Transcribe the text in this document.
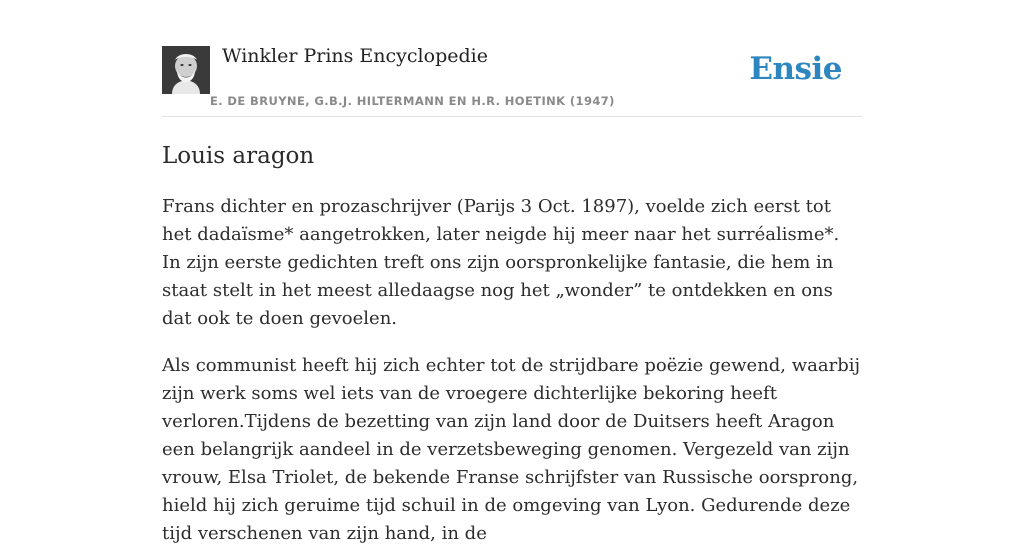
Winkler Prins Encyclopedie
E. DE BRUYNE, G.B.J. HILTERMANN EN H.R. HOETINK (1947)
Ensie
Louis aragon

Frans dichter en prozaschrijver (Parijs 3 Oct. 1897), voelde zich eerst tot het dadaïsme* aangetrokken, later neigde hij meer naar het surréalisme*. In zijn eerste gedichten treft ons zijn oorspronkelijke fantasie, die hem in staat stelt in het meest alledaagse nog het „wonder” te ontdekken en ons dat ook te doen gevoelen.

Als communist heeft hij zich echter tot de strijdbare poëzie gewend, waarbij zijn werk soms wel iets van de vroegere dichterlijke bekoring heeft verloren.Tijdens de bezetting van zijn land door de Duitsers heeft Aragon een belangrijk aandeel in de verzetsbeweging genomen. Vergezeld van zijn vrouw, Elsa Triolet, de bekende Franse schrijfster van Russische oorsprong, hield hij zich geruime tijd schuil in de omgeving van Lyon. Gedurende deze tijd verschenen van zijn hand, in de
